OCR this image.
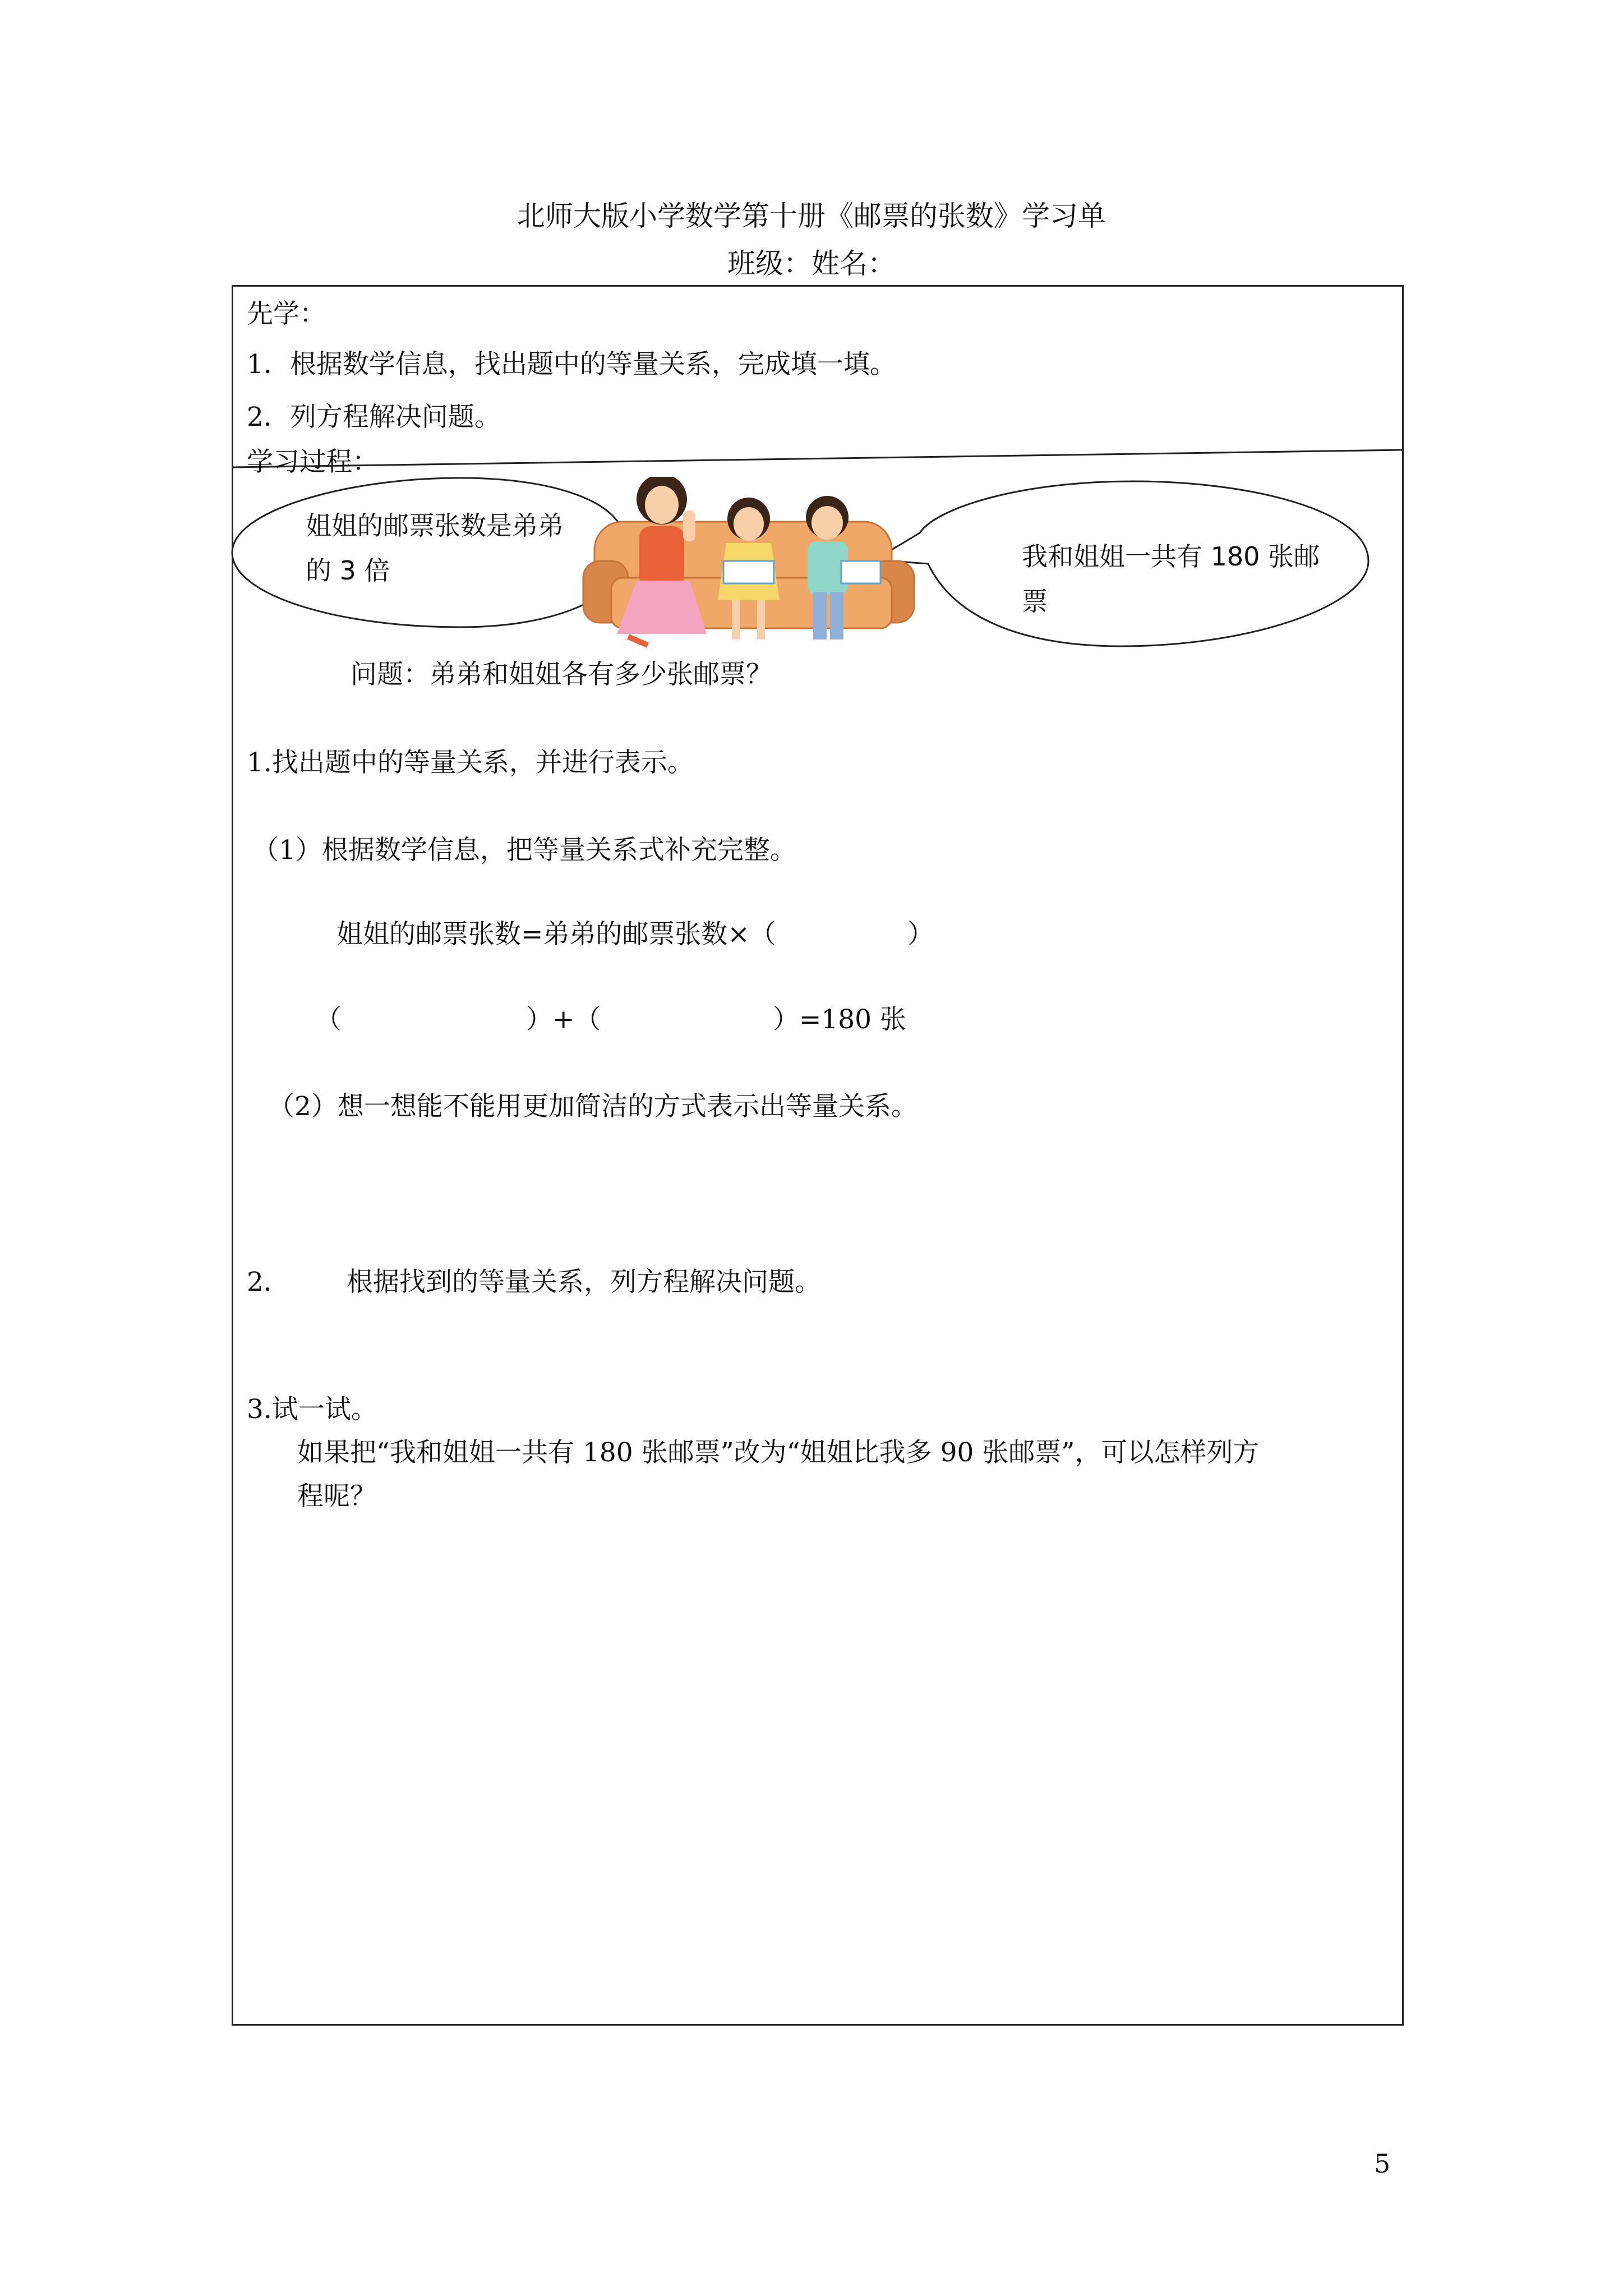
北师大版小学数学第十册《邮票的张数》学习单
班级：姓名：
先学：
1．根据数学信息，找出题中的等量关系，完成填一填。
2．列方程解决问题。
学习过程：
姐姐的邮票张数是弟弟的 3 倍	我和姐姐一共有 180 张邮票
问题：弟弟和姐姐各有多少张邮票？
1.找出题中的等量关系，并进行表示。
（1）根据数学信息，把等量关系式补充完整。
姐姐的邮票张数=弟弟的邮票张数×（	）
（	）+（	）=180 张
（2）想一想能不能用更加简洁的方式表示出等量关系。
2． 根据找到的等量关系，列方程解决问题。
3.试一试。
如果把“我和姐姐一共有 180 张邮票”改为“姐姐比我多 90 张邮票”，可以怎样列方
程呢？
5
